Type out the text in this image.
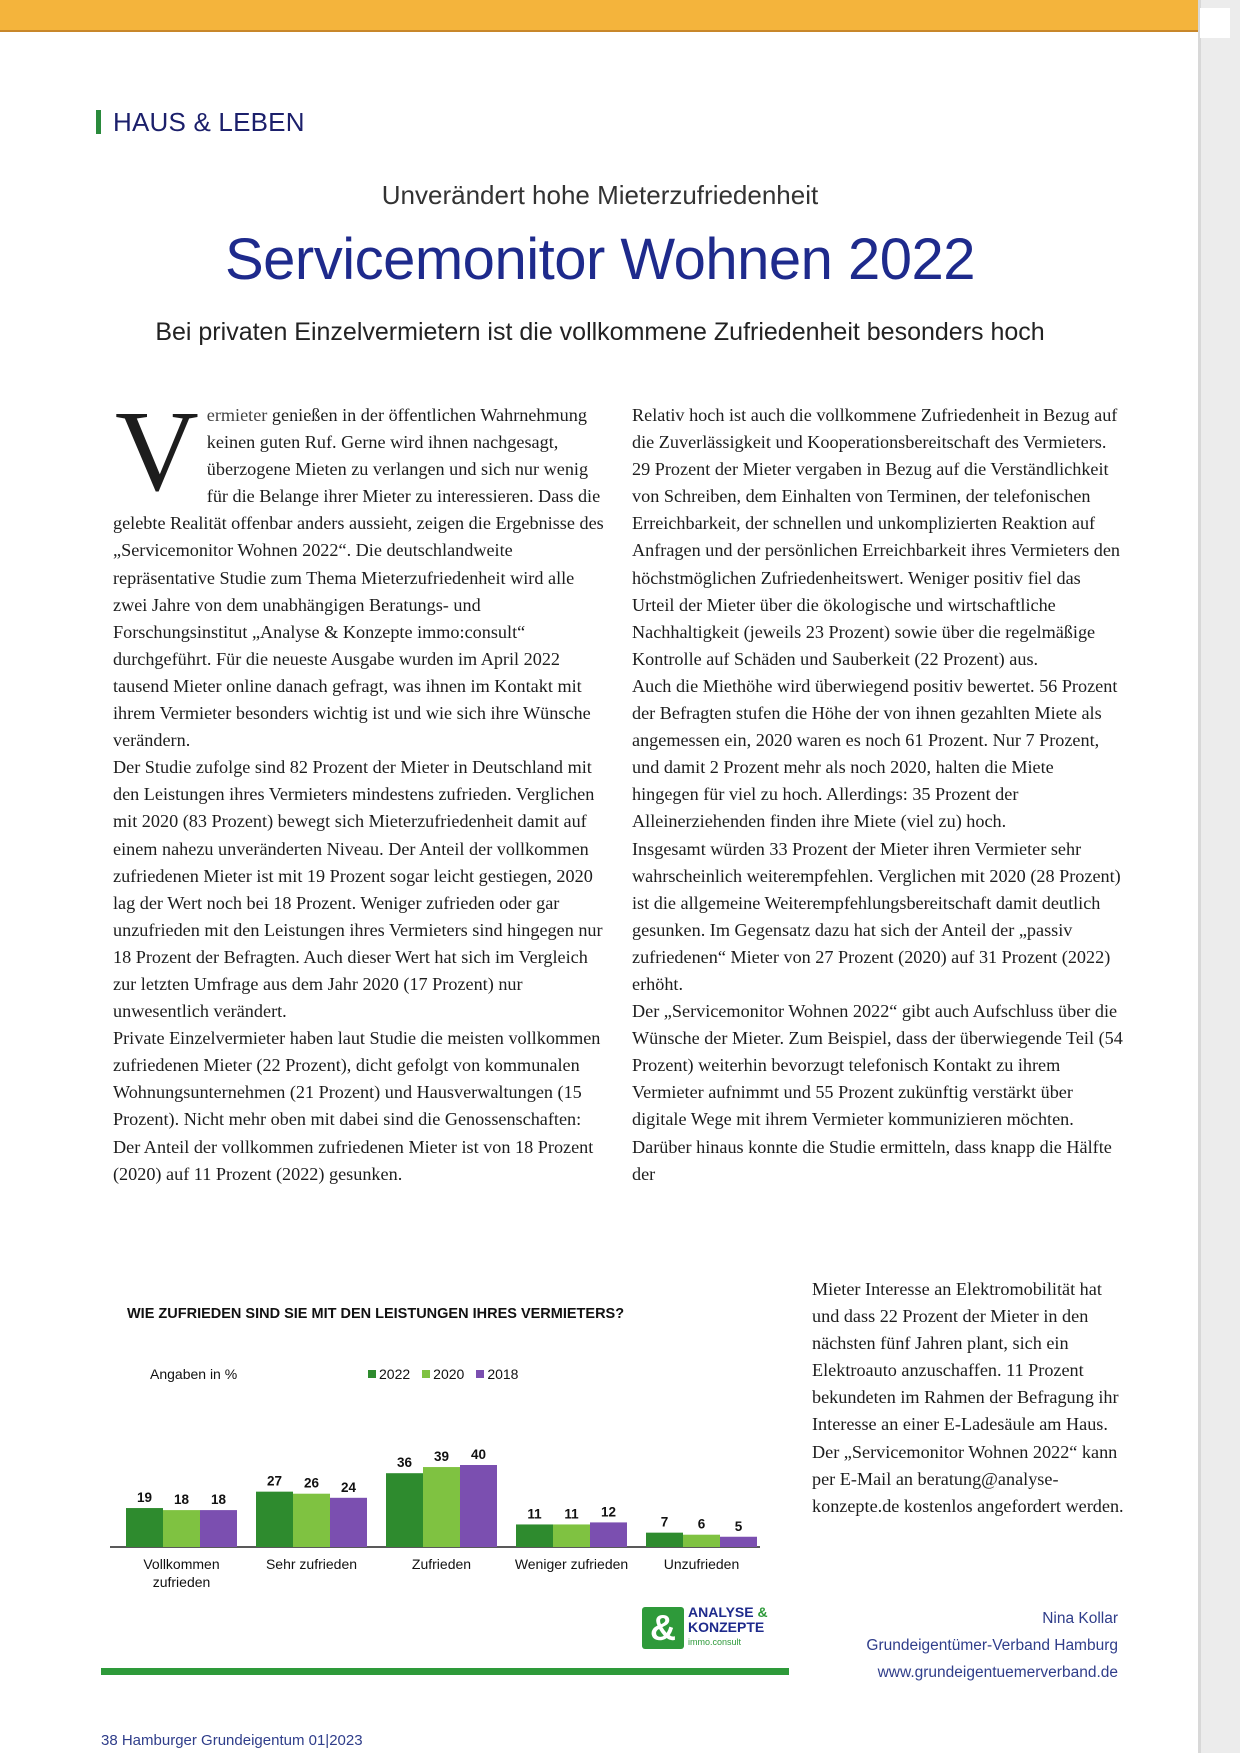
HAUS & LEBEN
Unverändert hohe Mieterzufriedenheit
Servicemonitor Wohnen 2022
Bei privaten Einzelvermietern ist die vollkommene Zufriedenheit besonders hoch

Vermieter genießen in der öffentlichen Wahrnehmung keinen guten Ruf. Gerne wird ihnen nachgesagt, überzogene Mieten zu verlangen und sich nur wenig für die Belange ihrer Mieter zu interessieren. Dass die gelebte Realität offenbar anders aussieht, zeigen die Ergebnisse des „Servicemonitor Wohnen 2022“. Die deutschlandweite repräsentative Studie zum Thema Mieterzufriedenheit wird alle zwei Jahre von dem unabhängigen Beratungs- und Forschungsinstitut „Analyse & Konzepte immo:consult“ durchgeführt. Für die neueste Ausgabe wurden im April 2022 tausend Mieter online danach gefragt, was ihnen im Kontakt mit ihrem Vermieter besonders wichtig ist und wie sich ihre Wünsche verändern.

Der Studie zufolge sind 82 Prozent der Mieter in Deutschland mit den Leistungen ihres Vermieters mindestens zufrieden. Verglichen mit 2020 (83 Prozent) bewegt sich Mieterzufriedenheit damit auf einem nahezu unveränderten Niveau. Der Anteil der vollkommen zufriedenen Mieter ist mit 19 Prozent sogar leicht gestiegen, 2020 lag der Wert noch bei 18 Prozent. Weniger zufrieden oder gar unzufrieden mit den Leistungen ihres Vermieters sind hingegen nur 18 Prozent der Befragten. Auch dieser Wert hat sich im Vergleich zur letzten Umfrage aus dem Jahr 2020 (17 Prozent) nur unwesentlich verändert.

Private Einzelvermieter haben laut Studie die meisten vollkommen zufriedenen Mieter (22 Prozent), dicht gefolgt von kommunalen Wohnungsunternehmen (21 Prozent) und Hausverwaltungen (15 Prozent). Nicht mehr oben mit dabei sind die Genossenschaften: Der Anteil der vollkommen zufriedenen Mieter ist von 18 Prozent (2020) auf 11 Prozent (2022) gesunken.

Relativ hoch ist auch die vollkommene Zufriedenheit in Bezug auf die Zuverlässigkeit und Kooperationsbereitschaft des Vermieters. 29 Prozent der Mieter vergaben in Bezug auf die Verständlichkeit von Schreiben, dem Einhalten von Terminen, der telefonischen Erreichbarkeit, der schnellen und unkomplizierten Reaktion auf Anfragen und der persönlichen Erreichbarkeit ihres Vermieters den höchstmöglichen Zufriedenheitswert. Weniger positiv fiel das Urteil der Mieter über die ökologische und wirtschaftliche Nachhaltigkeit (jeweils 23 Prozent) sowie über die regelmäßige Kontrolle auf Schäden und Sauberkeit (22 Prozent) aus.

Auch die Miethöhe wird überwiegend positiv bewertet. 56 Prozent der Befragten stufen die Höhe der von ihnen gezahlten Miete als angemessen ein, 2020 waren es noch 61 Prozent. Nur 7 Prozent, und damit 2 Prozent mehr als noch 2020, halten die Miete hingegen für viel zu hoch. Allerdings: 35 Prozent der Alleinerziehenden finden ihre Miete (viel zu) hoch.

Insgesamt würden 33 Prozent der Mieter ihren Vermieter sehr wahrscheinlich weiterempfehlen. Verglichen mit 2020 (28 Prozent) ist die allgemeine Weiterempfehlungsbereitschaft damit deutlich gesunken. Im Gegensatz dazu hat sich der Anteil der „passiv zufriedenen“ Mieter von 27 Prozent (2020) auf 31 Prozent (2022) erhöht.

Der „Servicemonitor Wohnen 2022“ gibt auch Aufschluss über die Wünsche der Mieter. Zum Beispiel, dass der überwiegende Teil (54 Prozent) weiterhin bevorzugt telefonisch Kontakt zu ihrem Vermieter aufnimmt und 55 Prozent zukünftig verstärkt über digitale Wege mit ihrem Vermieter kommunizieren möchten. Darüber hinaus konnte die Studie ermitteln, dass knapp die Hälfte der

Mieter Interesse an Elektromobilität hat und dass 22 Prozent der Mieter in den nächsten fünf Jahren plant, sich ein Elektroauto anzuschaffen. 11 Prozent bekundeten im Rahmen der Befragung ihr Interesse an einer E-Ladesäule am Haus.

Der „Servicemonitor Wohnen 2022“ kann per E-Mail an beratung@analyse-konzepte.de kostenlos angefordert werden.

WIE ZUFRIEDEN SIND SIE MIT DEN LEISTUNGEN IHRES VERMIETERS?
Angaben in %	2022 2020 2018
19 18 18
Vollkommen
zufrieden
27 26 24
Sehr zufrieden
36 39 40
Zufrieden
11 11 12
Weniger zufrieden
7 6 5
Unzufrieden
& ANALYSE &
KONZEPTE
immo.consult
Nina Kollar
Grundeigentümer-Verband Hamburg
www.grundeigentuemerverband.de
38 Hamburger Grundeigentum 01|2023
